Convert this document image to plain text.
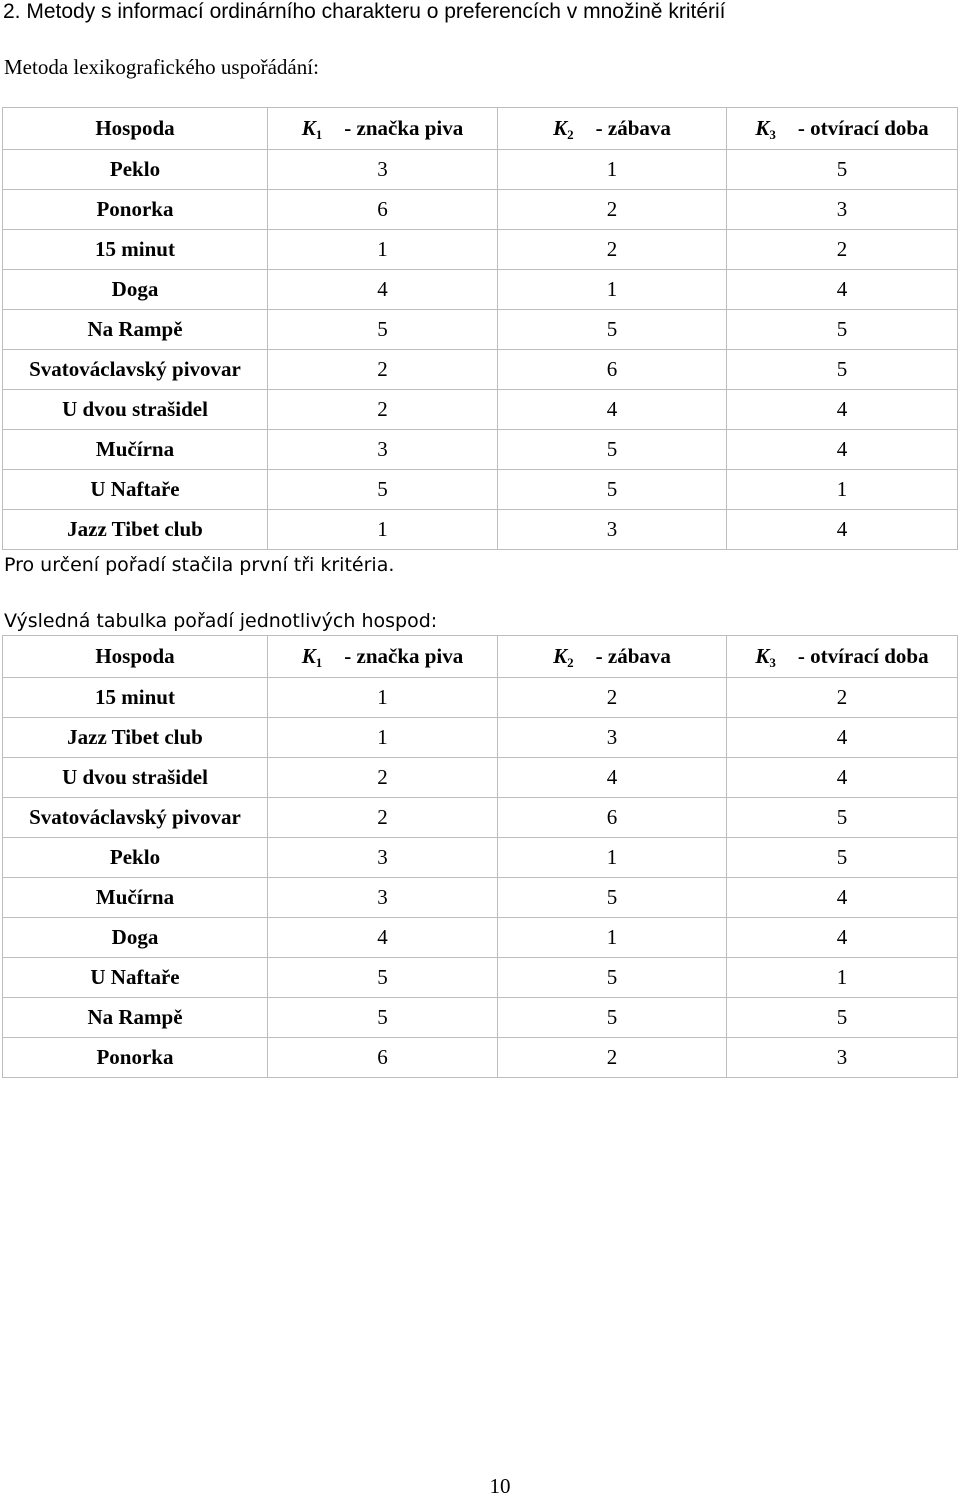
2. Metody s informací ordinárního charakteru o preferencích v množině kritérií
Metoda lexikografického uspořádání:
Hospoda	K1 - značka piva	K2 - zábava	K3 - otvírací doba

Peklo	3	1	5
Ponorka	6	2	3
15 minut	1	2	2
Doga	4	1	4
Na Rampě	5	5	5
Svatováclavský pivovar	2	6	5
U dvou strašidel	2	4	4
Mučírna	3	5	4
U Naftaře	5	5	1
Jazz Tibet club	1	3	4
Pro určení pořadí stačila první tři kritéria.
Výsledná tabulka pořadí jednotlivých hospod:
Hospoda	K1 - značka piva	K2 - zábava	K3 - otvírací doba

15 minut	1	2	2
Jazz Tibet club	1	3	4
U dvou strašidel	2	4	4
Svatováclavský pivovar	2	6	5
Peklo	3	1	5
Mučírna	3	5	4
Doga	4	1	4
U Naftaře	5	5	1
Na Rampě	5	5	5
Ponorka	6	2	3
10
